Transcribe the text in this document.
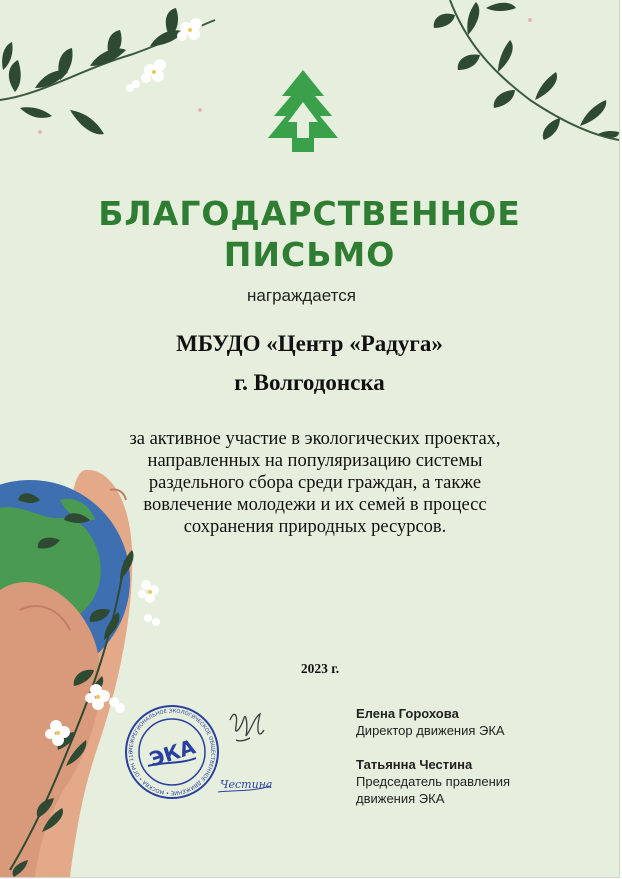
БЛАГОДАРСТВЕННОЕ
ПИСЬМО
награждается
МБУДО «Центр «Радуга»
г. Волгодонска
за активное участие в экологических проектах,
направленных на популяризацию системы
раздельного сбора среди граждан, а также
вовлечение молодежи и их семей в процесс
сохранения природных ресурсов.
2023 г.
МЕЖРЕГИОНАЛЬНОЕ ЭКОЛОГИЧЕСКОЕ ОБЩЕСТВЕННОЕ ДВИЖЕНИЕ • МОСКВА • ОГРН 116 ЭКА
Честина
Елена Горохова
Директор движения ЭКА
Татьянна Честина
Председатель правления
движения ЭКА
